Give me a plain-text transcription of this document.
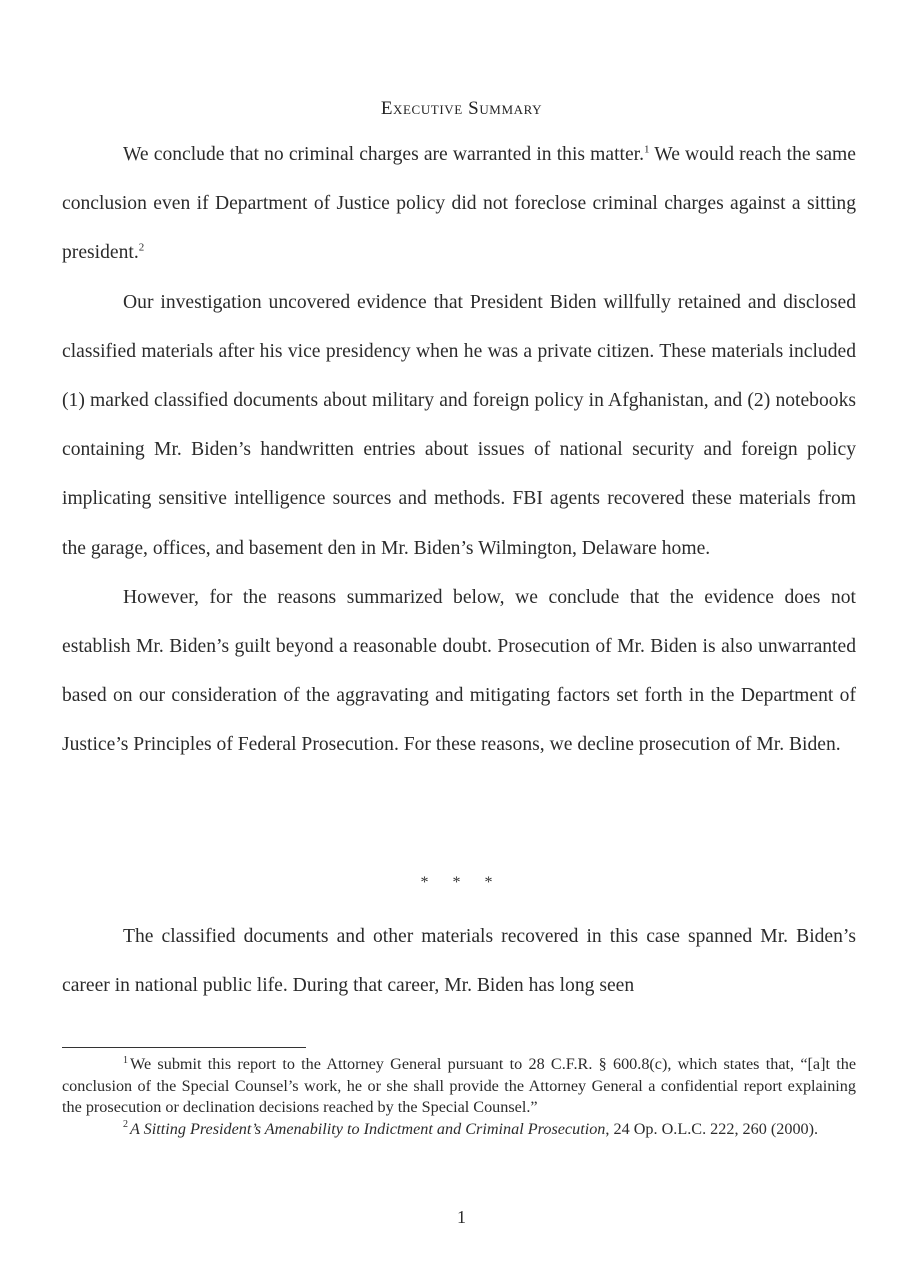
Executive Summary

We conclude that no criminal charges are warranted in this matter.$^1$ We would reach the same conclusion even if Department of Justice policy did not foreclose criminal charges against a sitting president.$^2$

Our investigation uncovered evidence that President Biden willfully retained and disclosed classified materials after his vice presidency when he was a private citizen. These materials included (1) marked classified documents about military and foreign policy in Afghanistan, and (2) notebooks containing Mr. Biden’s handwritten entries about issues of national security and foreign policy implicating sensitive intelligence sources and methods. FBI agents recovered these materials from the garage, offices, and basement den in Mr. Biden’s Wilmington, Delaware home.

However, for the reasons summarized below, we conclude that the evidence does not establish Mr. Biden’s guilt beyond a reasonable doubt. Prosecution of Mr. Biden is also unwarranted based on our consideration of the aggravating and mitigating factors set forth in the Department of Justice’s Principles of Federal Prosecution. For these reasons, we decline prosecution of Mr. Biden.

* * *

The classified documents and other materials recovered in this case spanned Mr. Biden’s career in national public life. During that career, Mr. Biden has long seen

$^1$ We submit this report to the Attorney General pursuant to 28 C.F.R. § 600.8(c), which states that, “[a]t the conclusion of the Special Counsel’s work, he or she shall provide the Attorney General a confidential report explaining the prosecution or declination decisions reached by the Special Counsel.”

$^2$ A Sitting President’s Amenability to Indictment and Criminal Prosecution, 24 Op. O.L.C. 222, 260 (2000).

1
